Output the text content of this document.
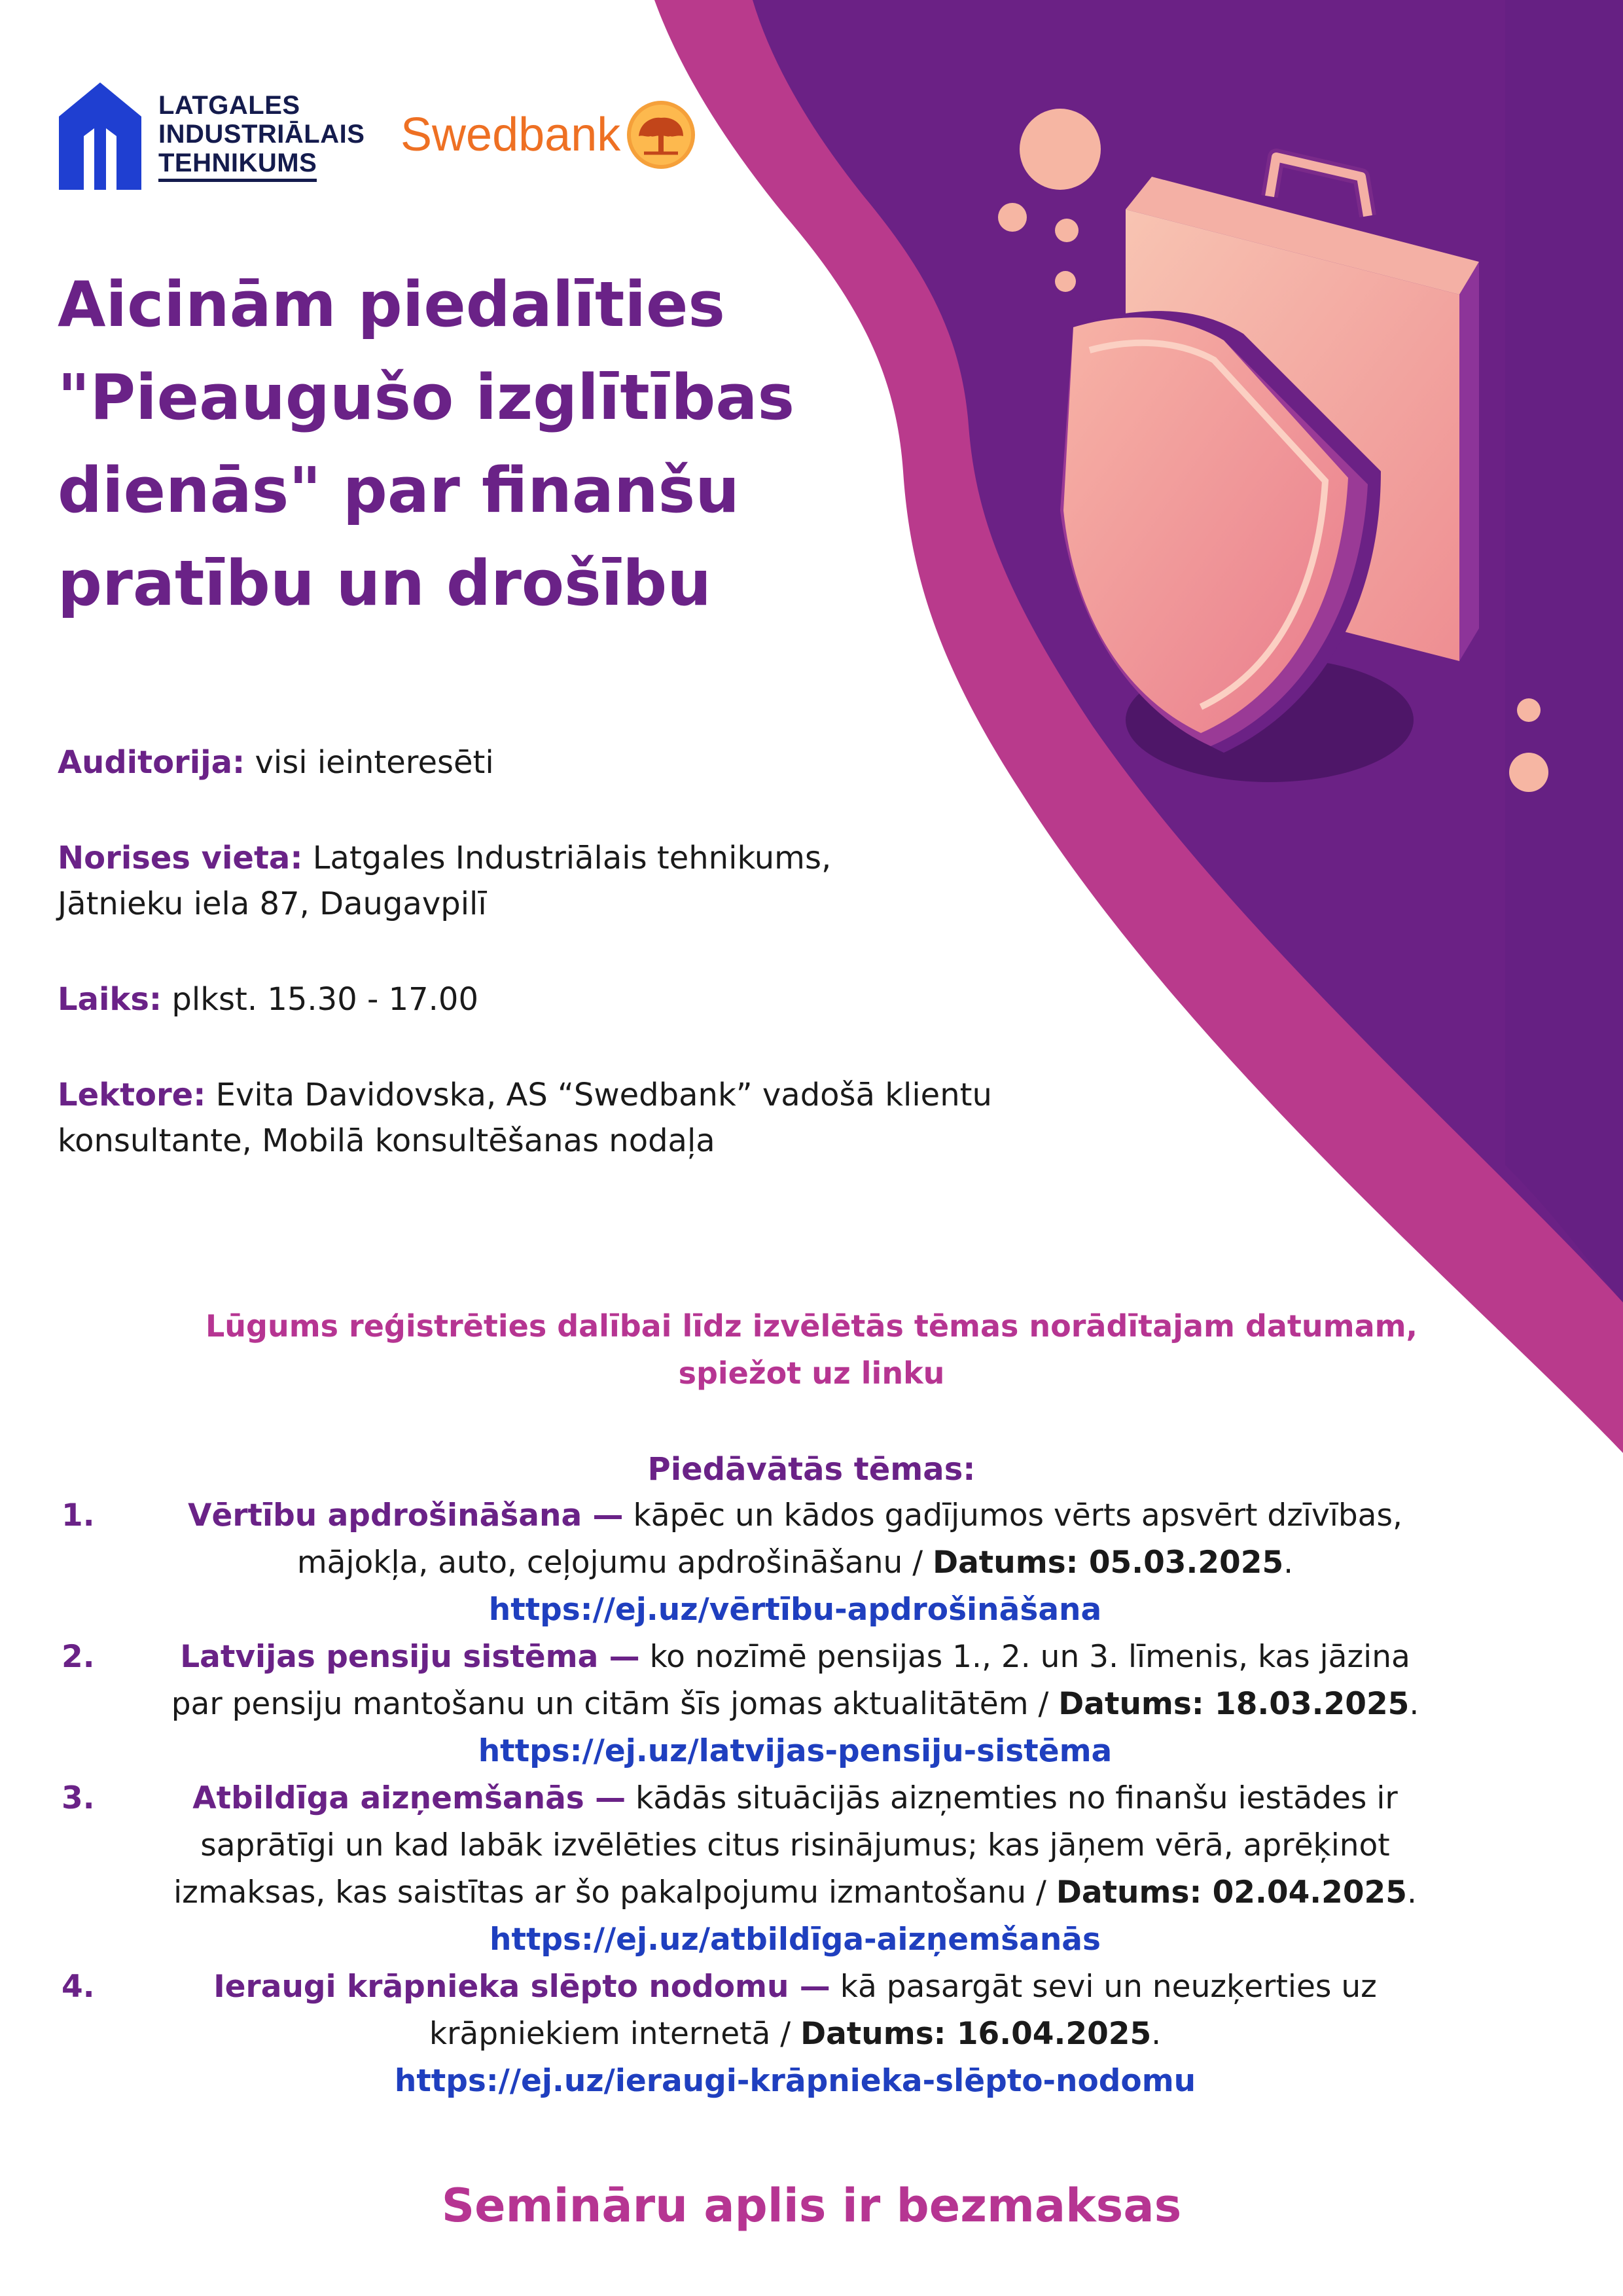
LATGALES
INDUSTRIĀLAIS
TEHNIKUMS
Swedbank
Aicinām piedalīties
"Pieaugušo izglītības
dienās" par finanšu
pratību un drošību

Auditorija: visi ieinteresēti

Norises vieta: Latgales Industriālais tehnikums,
Jātnieku iela 87, Daugavpilī

Laiks: plkst. 15.30 - 17.00

Lektore: Evita Davidovska, AS “Swedbank” vadošā klientu
konsultante, Mobilā konsultēšanas nodaļa

Lūgums reģistrēties dalībai līdz izvēlētās tēmas norādītajam datumam,
spiežot uz linku
Piedāvātās tēmas:
1.	Vērtību apdrošināšana — kāpēc un kādos gadījumos vērts apsvērt dzīvības,
mājokļa, auto, ceļojumu apdrošināšanu / Datums: 05.03.2025.
https://ej.uz/vērtību-apdrošināšana
2.	Latvijas pensiju sistēma — ko nozīmē pensijas 1., 2. un 3. līmenis, kas jāzina
par pensiju mantošanu un citām šīs jomas aktualitātēm / Datums: 18.03.2025.
https://ej.uz/latvijas-pensiju-sistēma
3.	Atbildīga aizņemšanās — kādās situācijās aizņemties no finanšu iestādes ir
saprātīgi un kad labāk izvēlēties citus risinājumus; kas jāņem vērā, aprēķinot
izmaksas, kas saistītas ar šo pakalpojumu izmantošanu / Datums: 02.04.2025.
https://ej.uz/atbildīga-aizņemšanās
4.	Ieraugi krāpnieka slēpto nodomu — kā pasargāt sevi un neuzķerties uz
krāpniekiem internetā / Datums: 16.04.2025.
https://ej.uz/ieraugi-krāpnieka-slēpto-nodomu
Semināru aplis ir bezmaksas
